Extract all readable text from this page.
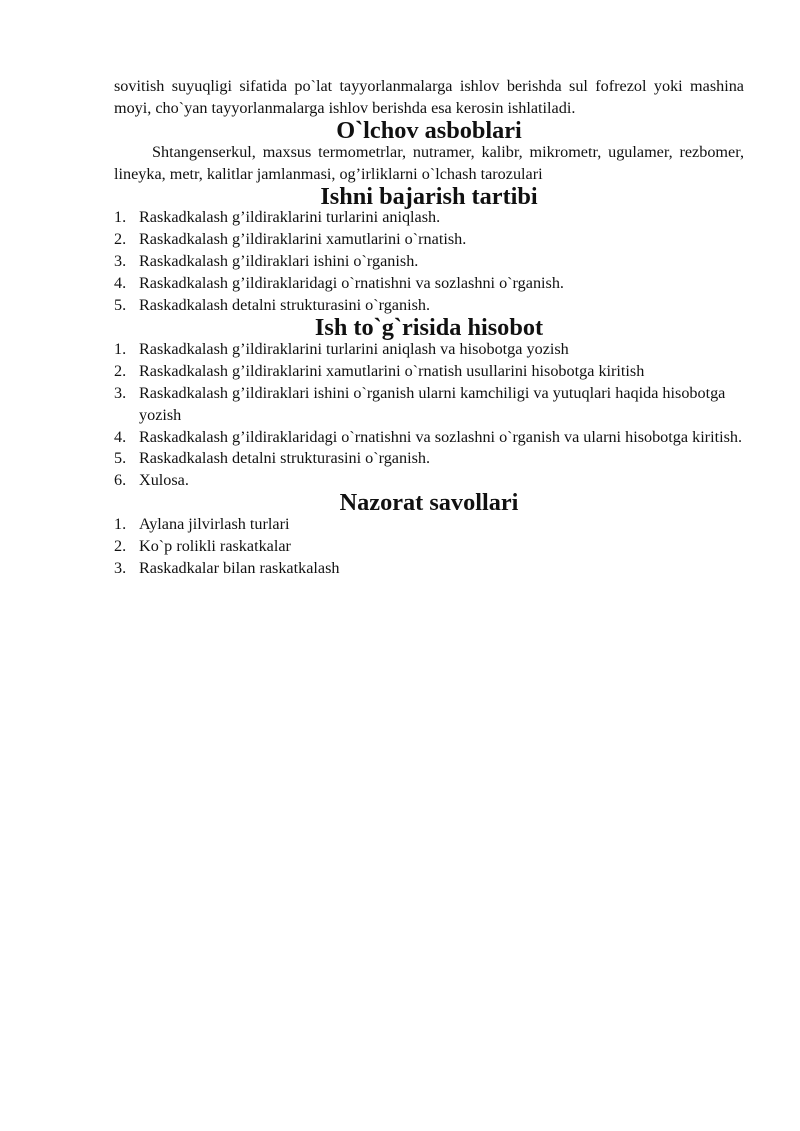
sovitish suyuqligi sifatida po`lat tayyorlanmalarga ishlov berishda sul fofrezol yoki mashina moyi, cho`yan tayyorlanmalarga ishlov berishda esa kerosin ishlatiladi.

O`lchov asboblari

Shtangenserkul, maxsus termometrlar, nutramer, kalibr, mikrometr, ugulamer, rezbomer, lineyka, metr, kalitlar jamlanmasi, og’irliklarni o`lchash tarozulari

Ishni bajarish tartibi
1. Raskadkalash g’ildiraklarini turlarini aniqlash.
2. Raskadkalash g’ildiraklarini xamutlarini o`rnatish.
3. Raskadkalash g’ildiraklari ishini o`rganish.
4. Raskadkalash g’ildiraklaridagi o`rnatishni va sozlashni o`rganish.
5. Raskadkalash detalni strukturasini o`rganish.
Ish to`g`risida hisobot
1. Raskadkalash g’ildiraklarini turlarini aniqlash va hisobotga yozish
2. Raskadkalash g’ildiraklarini xamutlarini o`rnatish usullarini hisobotga kiritish
3. Raskadkalash g’ildiraklari ishini o`rganish ularni kamchiligi va yutuqlari haqida hisobotga yozish
4. Raskadkalash g’ildiraklaridagi o`rnatishni va sozlashni o`rganish va ularni hisobotga kiritish.
5. Raskadkalash detalni strukturasini o`rganish.
6. Xulosa.
Nazorat savollari
1. Aylana jilvirlash turlari
2. Ko`p rolikli raskatkalar
3. Raskadkalar bilan raskatkalash
